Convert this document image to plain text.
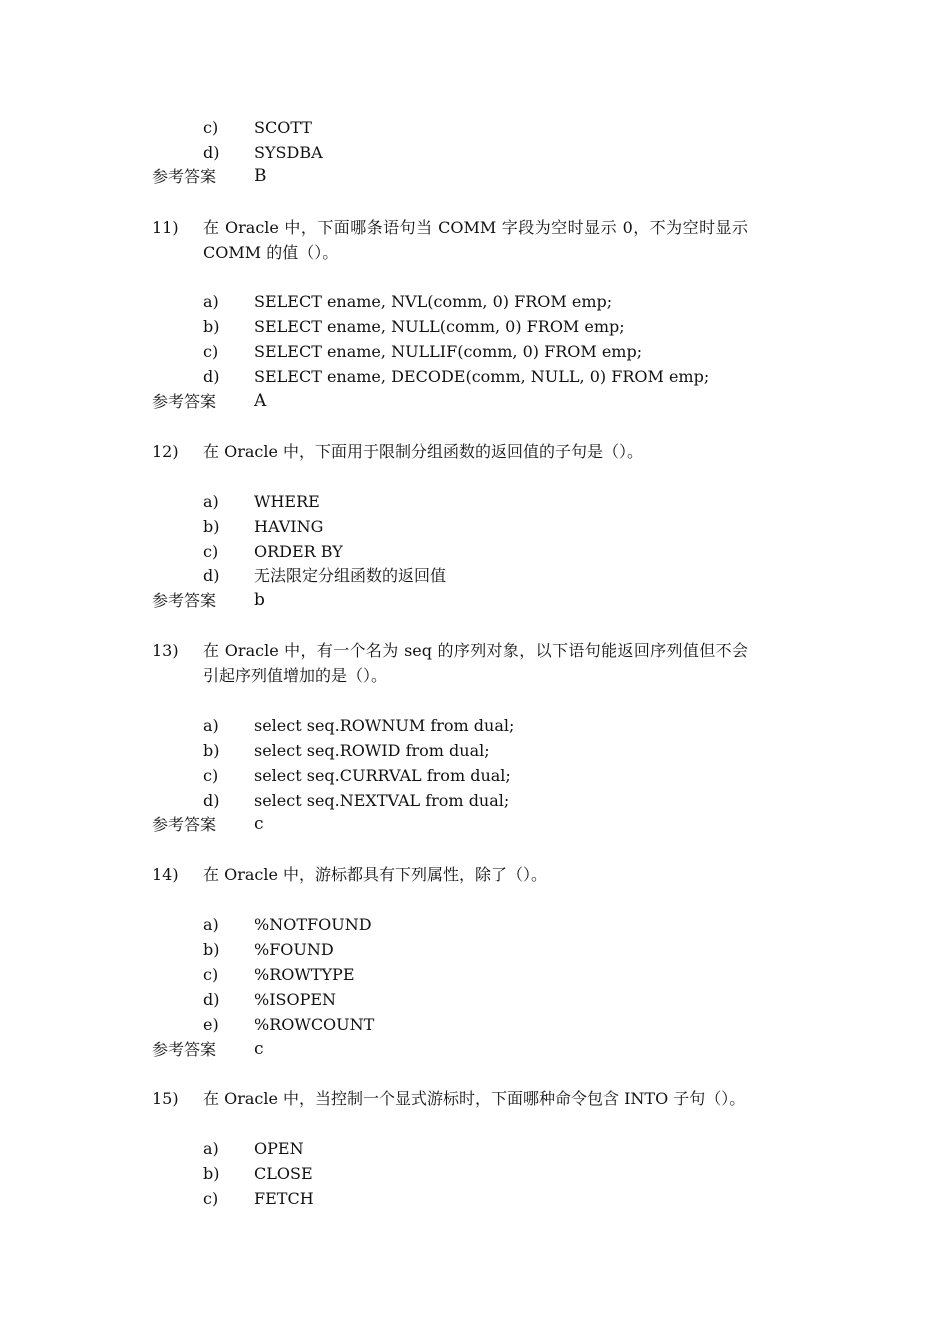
c) SCOTT
d) SYSDBA
参考答案 B
11) 在 Oracle 中，下面哪条语句当 COMM 字段为空时显示 0，不为空时显示
COMM 的值（）。
a) SELECT ename, NVL(comm, 0) FROM emp;
b) SELECT ename, NULL(comm, 0) FROM emp;
c) SELECT ename, NULLIF(comm, 0) FROM emp;
d) SELECT ename, DECODE(comm, NULL, 0) FROM emp;
参考答案 A
12) 在 Oracle 中，下面用于限制分组函数的返回值的子句是（）。
a) WHERE
b) HAVING
c) ORDER BY
d) 无法限定分组函数的返回值
参考答案 b
13) 在 Oracle 中，有一个名为 seq 的序列对象，以下语句能返回序列值但不会
引起序列值增加的是（）。
a) select seq.ROWNUM from dual;
b) select seq.ROWID from dual;
c) select seq.CURRVAL from dual;
d) select seq.NEXTVAL from dual;
参考答案 c
14) 在 Oracle 中，游标都具有下列属性，除了（）。
a) %NOTFOUND
b) %FOUND
c) %ROWTYPE
d) %ISOPEN
e) %ROWCOUNT
参考答案 c
15) 在 Oracle 中，当控制一个显式游标时，下面哪种命令包含 INTO 子句（）。
a) OPEN
b) CLOSE
c) FETCH
